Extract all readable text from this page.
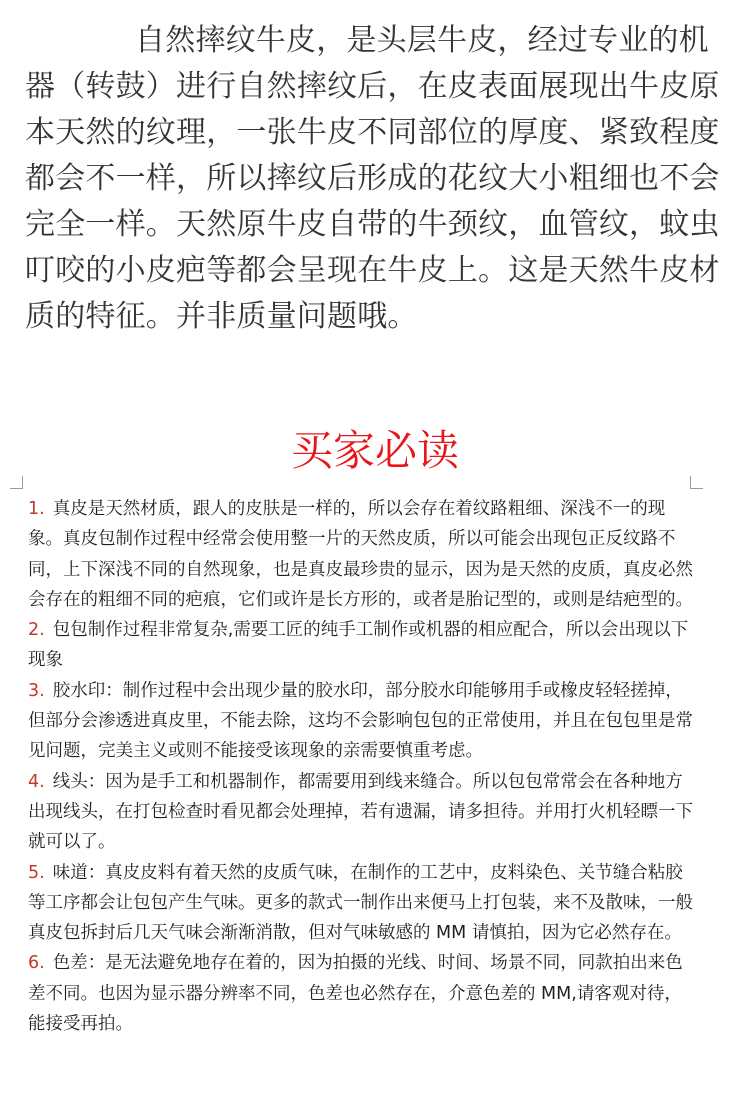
自然摔纹牛皮，是头层牛皮，经过专业的机器（转鼓）进行自然摔纹后，在皮表面展现出牛皮原本天然的纹理，一张牛皮不同部位的厚度、紧致程度都会不一样，所以摔纹后形成的花纹大小粗细也不会完全一样。天然原牛皮自带的牛颈纹，血管纹，蚊虫叮咬的小皮疤等都会呈现在牛皮上。这是天然牛皮材质的特征。并非质量问题哦。

买家必读
1. 真皮是天然材质，跟人的皮肤是一样的，所以会存在着纹路粗细、深浅不一的现象。真皮包制作过程中经常会使用整一片的天然皮质，所以可能会出现包正反纹路不同，上下深浅不同的自然现象，也是真皮最珍贵的显示，因为是天然的皮质，真皮必然会存在的粗细不同的疤痕，它们或许是长方形的，或者是胎记型的，或则是结疤型的。
2. 包包制作过程非常复杂,需要工匠的纯手工制作或机器的相应配合，所以会出现以下现象
3. 胶水印：制作过程中会出现少量的胶水印，部分胶水印能够用手或橡皮轻轻搓掉，但部分会渗透进真皮里，不能去除，这均不会影响包包的正常使用，并且在包包里是常见问题，完美主义或则不能接受该现象的亲需要慎重考虑。
4. 线头：因为是手工和机器制作，都需要用到线来缝合。所以包包常常会在各种地方出现线头，在打包检查时看见都会处理掉，若有遗漏，请多担待。并用打火机轻瞟一下就可以了。
5. 味道：真皮皮料有着天然的皮质气味，在制作的工艺中，皮料染色、关节缝合粘胶等工序都会让包包产生气味。更多的款式一制作出来便马上打包装，来不及散味，一般真皮包拆封后几天气味会渐渐消散，但对气味敏感的 MM 请慎拍，因为它必然存在。
6. 色差：是无法避免地存在着的，因为拍摄的光线、时间、场景不同，同款拍出来色差不同。也因为显示器分辨率不同，色差也必然存在，介意色差的 MM,请客观对待，能接受再拍。
